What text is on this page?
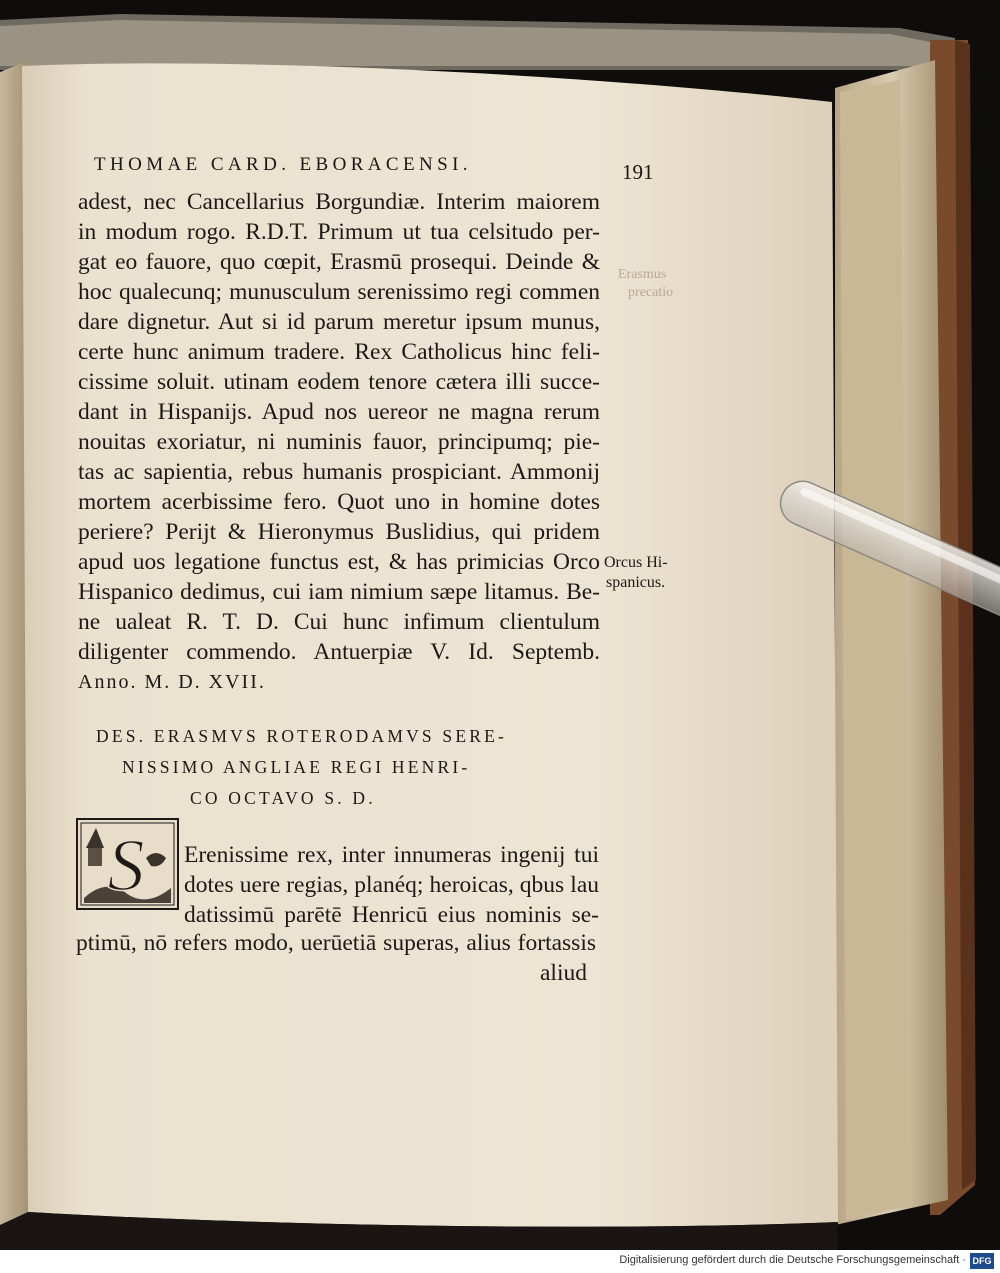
Erasmus
precatio
THOMAE CARD. EBORACENSI.	191
adest, nec Cancellarius Borgundiæ. Interim maiorem
in modum rogo. R.D.T. Primum ut tua celsitudo per-
gat eo fauore, quo cœpit, Erasmū prosequi. Deinde &
hoc qualecunq; munusculum serenissimo regi commen
dare dignetur. Aut si id parum meretur ipsum munus,
certe hunc animum tradere. Rex Catholicus hinc feli-
cissime soluit. utinam eodem tenore cætera illi succe-
dant in Hispanijs. Apud nos uereor ne magna rerum
nouitas exoriatur, ni numinis fauor, principumq; pie-
tas ac sapientia, rebus humanis prospiciant. Ammonij
mortem acerbissime fero. Quot uno in homine dotes
periere? Perijt & Hieronymus Buslidius, qui pridem
apud uos legatione functus est, & has primicias Orco
Hispanico dedimus, cui iam nimium sæpe litamus. Be-
ne ualeat R. T. D. Cui hunc infimum clientulum
diligenter commendo. Antuerpiæ V. Id. Septemb.
Anno. M. D. XVII.
Orcus Hi-
spanicus.
DES. ERASMVS ROTERODAMVS SERE-
NISSIMO ANGLIAE REGI HENRI-
CO OCTAVO S. D.
S Erenissime rex, inter innumeras ingenij tui
dotes uere regias, planéq; heroicas, qbus lau
datissimū parētē Henricū eius nominis se-
ptimū, nō refers modo, uerūetiā superas, alius fortassis
aliud
Digitalisierung gefördert durch die Deutsche Forschungsgemeinschaft · DFG
